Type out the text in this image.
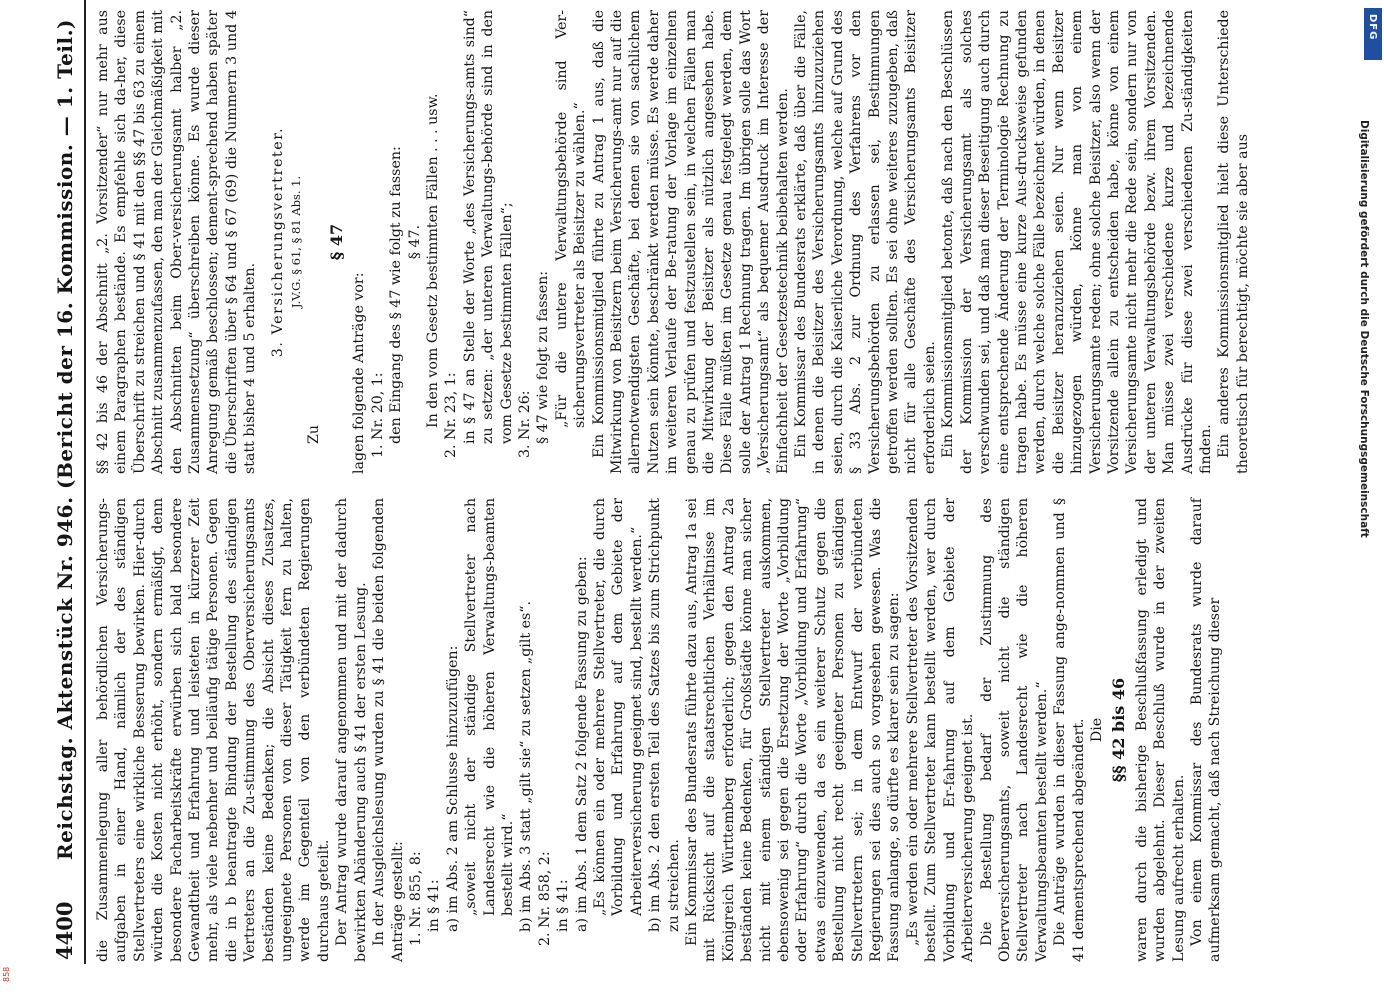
4400
Reichstag. Aktenstück Nr. 946. (Bericht der 16. Kommission. — 1. Teil.) die Zusammenlegung aller behördlichen Versicherungs-aufgaben in einer Hand, nämlich der des ständigen Stellvertreters eine wirkliche Besserung bewirken. Hier-durch würden die Kosten nicht erhöht, sondern ermäßigt, denn besondere Facharbeitskräfte erwürben sich bald besondere Gewandtheit und Erfahrung und leisteten in kürzerer Zeit mehr, als viele nebenher und beiläufig tätige Personen. Gegen die in b beantragte Bindung der Bestellung des ständigen Vertreters an die Zu-stimmung des Oberversicherungsamts beständen keine Bedenken; die Absicht dieses Zusatzes, ungeeignete Personen von dieser Tätigkeit fern zu halten, werde im Gegenteil von den verbündeten Regierungen durchaus geteilt. Der Antrag wurde darauf angenommen und mit der dadurch bewirkten Abänderung auch § 41 der ersten Lesung. In der Ausgleichslesung wurden zu § 41 die beiden folgenden Anträge gestellt: 1. Nr. 855, 8: in § 41: a) im Abs. 2 am Schlusse hinzuzufügen: „soweit nicht der ständige Stellvertreter nach Landesrecht wie die höheren Verwaltungs-beamten bestellt wird.“ b) im Abs. 3 statt „gilt sie“ zu setzen „gilt es“. 2. Nr. 858, 2: in § 41: a) im Abs. 1 dem Satz 2 folgende Fassung zu geben: „Es können ein oder mehrere Stellvertreter, die durch Vorbildung und Erfahrung auf dem Gebiete der Arbeiterversicherung geeignet sind, bestellt werden.“ b) im Abs. 2 den ersten Teil des Satzes bis zum Strichpunkt zu streichen. Ein Kommissar des Bundesrats führte dazu aus, Antrag 1a sei mit Rücksicht auf die staatsrechtlichen Verhältnisse im Königreich Württemberg erforderlich; gegen den Antrag 2a beständen keine Bedenken, für Großstädte könne man sicher nicht mit einem ständigen Stellvertreter auskommen, ebensowenig sei gegen die Ersetzung der Worte „Vorbildung oder Erfahrung“ durch die Worte „Vorbildung und Erfahrung“ etwas einzuwenden, da es ein weiterer Schutz gegen die Bestellung nicht recht geeigneter Personen zu ständigen Stellvertretern sei; in dem Entwurf der verbündeten Regierungen sei dies auch so vorgesehen gewesen. Was die Fassung anlange, so dürfte es klarer sein zu sagen: „Es werden ein oder mehrere Stellvertreter des Vorsitzenden bestellt. Zum Stellvertreter kann bestellt werden, wer durch Vorbildung und Er-fahrung auf dem Gebiete der Arbeiterversicherung geeignet ist. Die Bestellung bedarf der Zustimmung des Oberversicherungsamts, soweit nicht die ständigen Stellvertreter nach Landesrecht wie die höheren Verwaltungsbeamten bestellt werden.“ Die Anträge wurden in dieser Fassung ange-nommen und § 41 dementsprechend abgeändert. Die §§ 42 bis 46 waren durch die bisherige Beschlußfassung erledigt und wurden abgelehnt. Dieser Beschluß wurde in der zweiten Lesung aufrecht erhalten. Von einem Kommissar des Bundesrats wurde darauf aufmerksam gemacht, daß nach Streichung dieser

§§ 42 bis 46 der Abschnitt „2. Vorsitzender“ nur mehr aus einem Paragraphen bestände. Es empfehle sich da-her, diese Überschrift zu streichen und § 41 mit den §§ 47 bis 63 zu einem Abschnitt zusammenzufassen, den man der Gleichmäßigkeit mit den Abschnitten beim Ober-versicherungsamt halber „2. Zusammensetzung“ überschreiben könne. Es wurde dieser Anregung gemäß beschlossen; dement-sprechend haben später die Überschriften über § 64 und § 67 (69) die Nummern 3 und 4 statt bisher 4 und 5 erhalten.

3. Versicherungsvertreter. J.V.G. § 61, § 81 Abs. 1.

Zu

§ 47

lagen folgende Anträge vor: 1. Nr. 20, 1: den Eingang des § 47 wie folgt zu fassen: § 47. In den vom Gesetz bestimmten Fällen . . . usw. 2. Nr. 23, 1: in § 47 an Stelle der Worte „des Versicherungs-amts sind“ zu setzen: „der unteren Verwaltungs-behörde sind in den vom Gesetze bestimmten Fällen“; 3. Nr. 26: § 47 wie folgt zu fassen: „Für die untere Verwaltungsbehörde sind Ver-sicherungsvertreter als Beisitzer zu wählen.“ Ein Kommissionsmitglied führte zu Antrag 1 aus, daß die Mitwirkung von Beisitzern beim Versicherungs-amt nur auf die allernotwendigsten Geschäfte, bei denen sie von sachlichem Nutzen sein könnte, beschränkt werden müsse. Es werde daher im weiteren Verlaufe der Be-ratung der Vorlage im einzelnen genau zu prüfen und festzustellen sein, in welchen Fällen man die Mitwirkung der Beisitzer als nützlich angesehen habe. Diese Fälle müßten im Gesetze genau festgelegt werden, dem solle der Antrag 1 Rechnung tragen. Im übrigen solle das Wort „Versicherungsamt“ als bequemer Ausdruck im Interesse der Einfachheit der Gesetzestechnik beibehalten werden. Ein Kommissar des Bundesrats erklärte, daß über die Fälle, in denen die Beisitzer des Versicherungsamts hinzuzuziehen seien, durch die Kaiserliche Verordnung, welche auf Grund des § 33 Abs. 2 zur Ordnung des Verfahrens vor den Versicherungsbehörden zu erlassen sei, Bestimmungen getroffen werden sollten. Es sei ohne weiteres zuzugeben, daß nicht für alle Geschäfte des Versicherungsamts Beisitzer erforderlich seien. Ein Kommissionsmitglied betonte, daß nach den Beschlüssen der Kommission der Versicherungsamt als solches verschwunden sei, und daß man dieser Beseitigung auch durch eine entsprechende Änderung der Terminologie Rechnung zu tragen habe. Es müsse eine kurze Aus-drucksweise gefunden werden, durch welche solche Fälle bezeichnet würden, in denen die Beisitzer heranzuziehen seien. Nur wenn Beisitzer hinzugezogen würden, könne man von einem Versicherungsamte reden; ohne solche Beisitzer, also wenn der Vorsitzende allein zu entscheiden habe, könne von einem Versicherungsamte nicht mehr die Rede sein, sondern nur von der unteren Verwaltungsbehörde bezw. ihrem Vorsitzenden. Man müsse zwei verschiedene kurze und bezeichnende Ausdrücke für diese zwei verschiedenen Zu-ständigkeiten finden. Ein anderes Kommissionsmitglied hielt diese Unterschiede theoretisch für berechtigt, möchte sie aber aus

DFG
Digitalisierung gefördert durch die Deutsche Forschungsgemeinschaft
858
